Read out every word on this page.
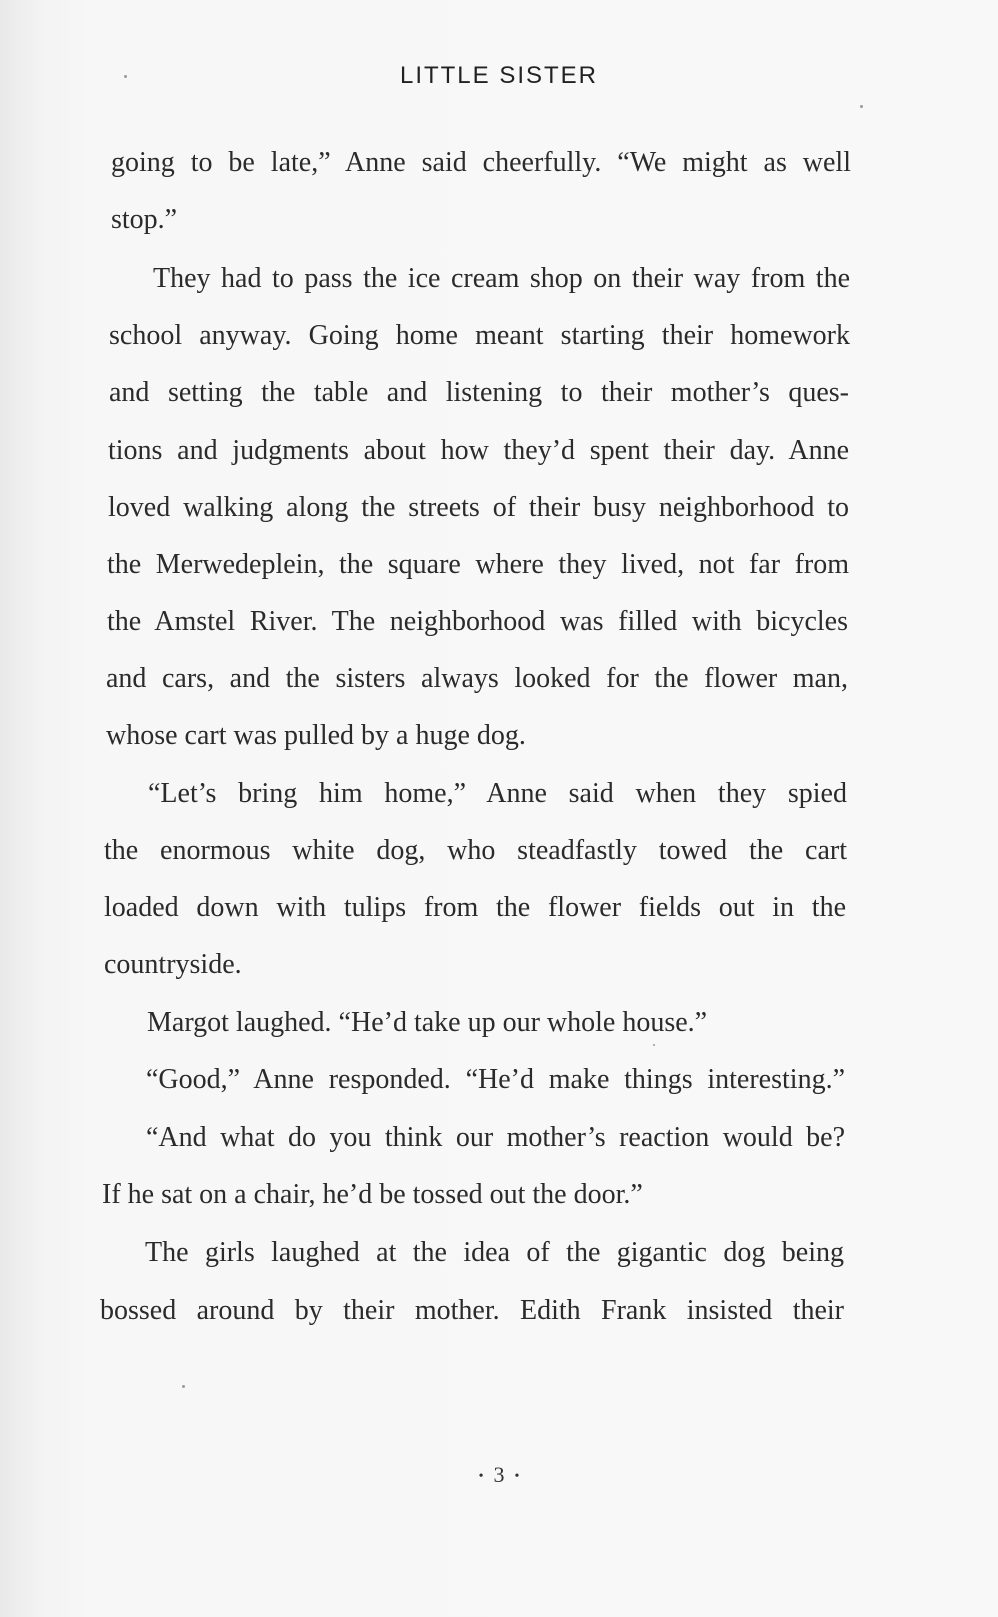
LITTLE SISTER
going to be late,” Anne said cheerfully. “We might as well
stop.”
They had to pass the ice cream shop on their way from the
school anyway. Going home meant starting their homework
and setting the table and listening to their mother’s ques-
tions and judgments about how they’d spent their day. Anne
loved walking along the streets of their busy neighborhood to
the Merwedeplein, the square where they lived, not far from
the Amstel River. The neighborhood was filled with bicycles
and cars, and the sisters always looked for the flower man,
whose cart was pulled by a huge dog.
“Let’s bring him home,” Anne said when they spied
the enormous white dog, who steadfastly towed the cart
loaded down with tulips from the flower fields out in the
countryside.
Margot laughed. “He’d take up our whole house.”
“Good,” Anne responded. “He’d make things interesting.”
“And what do you think our mother’s reaction would be?
If he sat on a chair, he’d be tossed out the door.”
The girls laughed at the idea of the gigantic dog being
bossed around by their mother. Edith Frank insisted their
• 3 •
